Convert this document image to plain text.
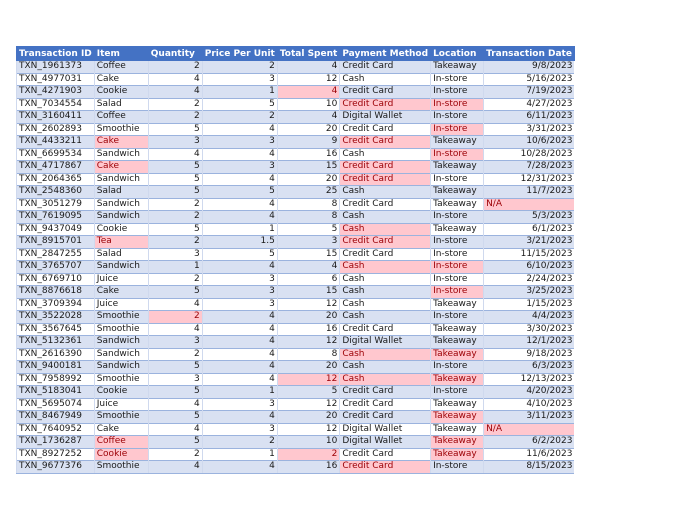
Transaction ID	Item	Quantity	Price Per Unit	Total Spent	Payment Method	Location	Transaction Date
TXN_1961373	Coffee	2	2	4	Credit Card	Takeaway	9/8/2023
TXN_4977031	Cake	4	3	12	Cash	In-store	5/16/2023
TXN_4271903	Cookie	4	1	4	Credit Card	In-store	7/19/2023
TXN_7034554	Salad	2	5	10	Credit Card	In-store	4/27/2023
TXN_3160411	Coffee	2	2	4	Digital Wallet	In-store	6/11/2023
TXN_2602893	Smoothie	5	4	20	Credit Card	In-store	3/31/2023
TXN_4433211	Cake	3	3	9	Credit Card	Takeaway	10/6/2023
TXN_6699534	Sandwich	4	4	16	Cash	In-store	10/28/2023
TXN_4717867	Cake	5	3	15	Credit Card	Takeaway	7/28/2023
TXN_2064365	Sandwich	5	4	20	Credit Card	In-store	12/31/2023
TXN_2548360	Salad	5	5	25	Cash	Takeaway	11/7/2023
TXN_3051279	Sandwich	2	4	8	Credit Card	Takeaway	N/A
TXN_7619095	Sandwich	2	4	8	Cash	In-store	5/3/2023
TXN_9437049	Cookie	5	1	5	Cash	Takeaway	6/1/2023
TXN_8915701	Tea	2	1.5	3	Credit Card	In-store	3/21/2023
TXN_2847255	Salad	3	5	15	Credit Card	In-store	11/15/2023
TXN_3765707	Sandwich	1	4	4	Cash	In-store	6/10/2023
TXN_6769710	Juice	2	3	6	Cash	In-store	2/24/2023
TXN_8876618	Cake	5	3	15	Cash	In-store	3/25/2023
TXN_3709394	Juice	4	3	12	Cash	Takeaway	1/15/2023
TXN_3522028	Smoothie	2	4	20	Cash	In-store	4/4/2023
TXN_3567645	Smoothie	4	4	16	Credit Card	Takeaway	3/30/2023
TXN_5132361	Sandwich	3	4	12	Digital Wallet	Takeaway	12/1/2023
TXN_2616390	Sandwich	2	4	8	Cash	Takeaway	9/18/2023
TXN_9400181	Sandwich	5	4	20	Cash	In-store	6/3/2023
TXN_7958992	Smoothie	3	4	12	Cash	Takeaway	12/13/2023
TXN_5183041	Cookie	5	1	5	Credit Card	In-store	4/20/2023
TXN_5695074	Juice	4	3	12	Credit Card	Takeaway	4/10/2023
TXN_8467949	Smoothie	5	4	20	Credit Card	Takeaway	3/11/2023
TXN_7640952	Cake	4	3	12	Digital Wallet	Takeaway	N/A
TXN_1736287	Coffee	5	2	10	Digital Wallet	Takeaway	6/2/2023
TXN_8927252	Cookie	2	1	2	Credit Card	Takeaway	11/6/2023
TXN_9677376	Smoothie	4	4	16	Credit Card	In-store	8/15/2023
